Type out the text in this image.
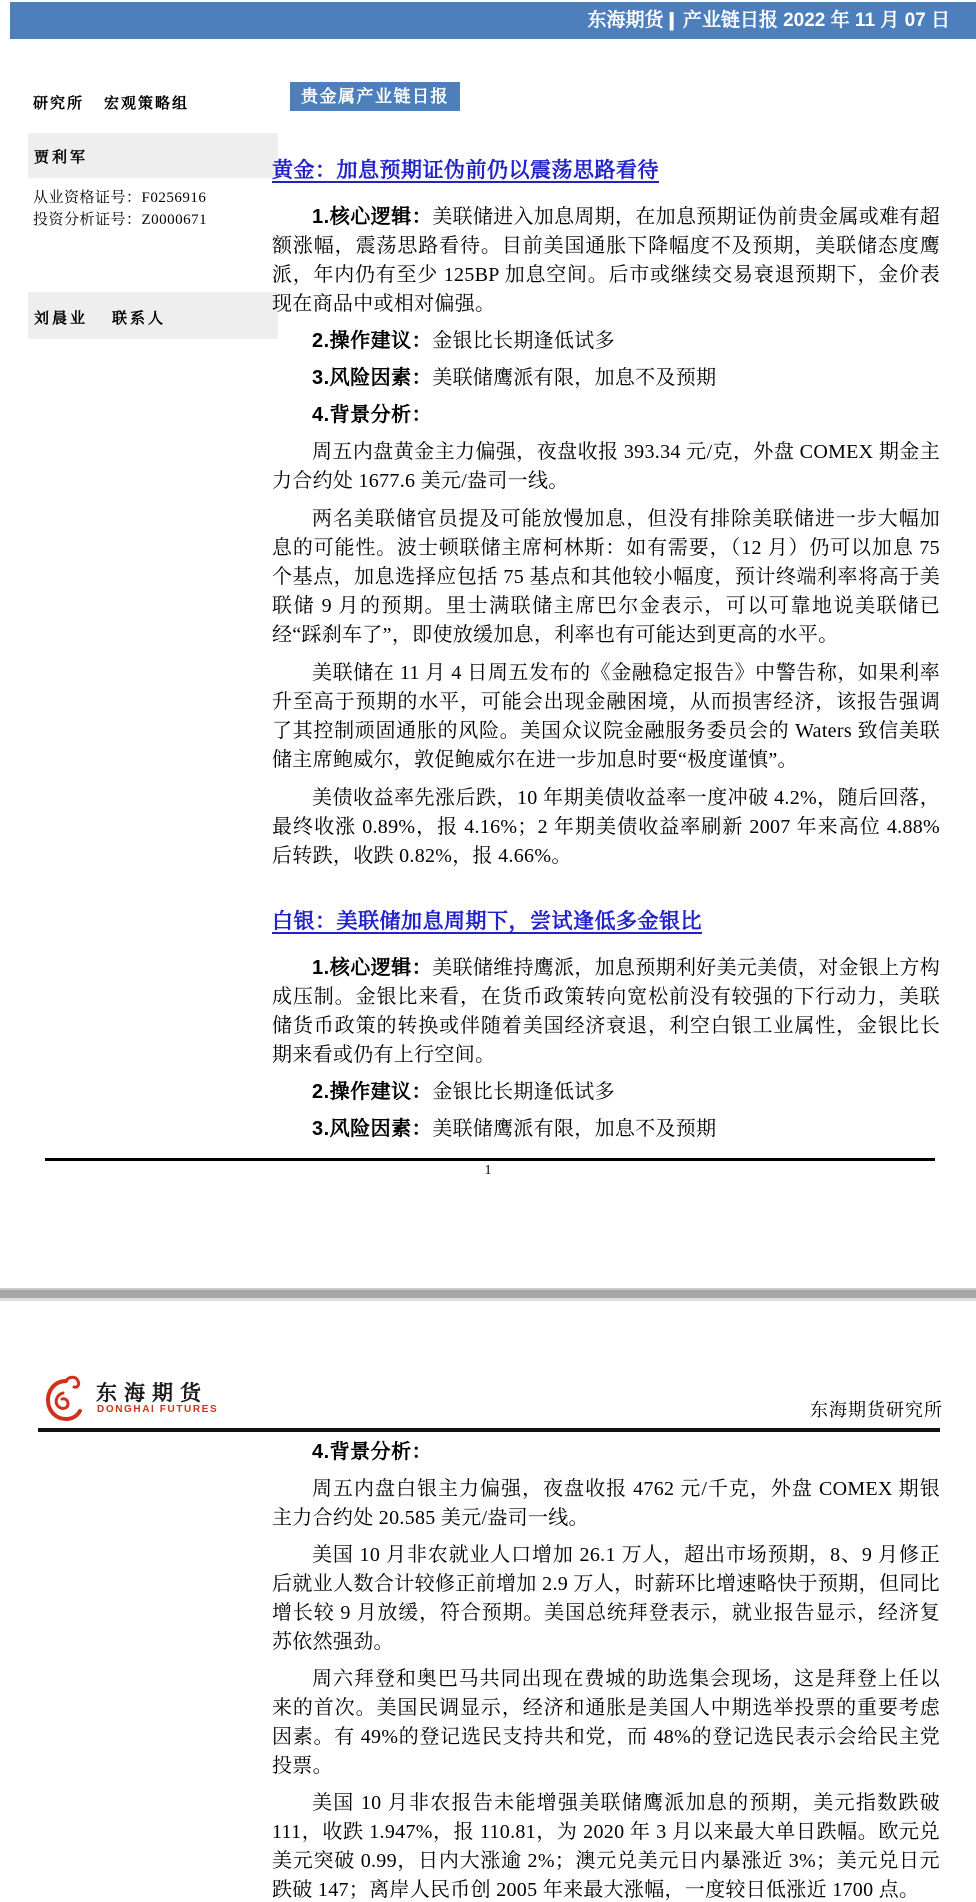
东海期货 | 产业链日报 2022 年 11 月 07 日
研究所 宏观策略组
贾利军
从业资格证号：F0256916
投资分析证号：Z0000671
刘晨业 联系人
贵金属产业链日报
黄金：加息预期证伪前仍以震荡思路看待

1.核心逻辑：美联储进入加息周期，在加息预期证伪前贵金属或难有超额涨幅，震荡思路看待。目前美国通胀下降幅度不及预期，美联储态度鹰派，年内仍有至少 125BP 加息空间。后市或继续交易衰退预期下，金价表现在商品中或相对偏强。

2.操作建议：金银比长期逢低试多

3.风险因素：美联储鹰派有限，加息不及预期

4.背景分析：

周五内盘黄金主力偏强，夜盘收报 393.34 元/克，外盘 COMEX 期金主力合约处 1677.6 美元/盎司一线。

两名美联储官员提及可能放慢加息，但没有排除美联储进一步大幅加息的可能性。波士顿联储主席柯林斯：如有需要，（12 月）仍可以加息 75 个基点，加息选择应包括 75 基点和其他较小幅度，预计终端利率将高于美联储 9 月的预期。里士满联储主席巴尔金表示，可以可靠地说美联储已经“踩刹车了”，即使放缓加息，利率也有可能达到更高的水平。

美联储在 11 月 4 日周五发布的《金融稳定报告》中警告称，如果利率升至高于预期的水平，可能会出现金融困境，从而损害经济，该报告强调了其控制顽固通胀的风险。美国众议院金融服务委员会的 Waters 致信美联储主席鲍威尔，敦促鲍威尔在进一步加息时要“极度谨慎”。

美债收益率先涨后跌，10 年期美债收益率一度冲破 4.2%，随后回落，最终收涨 0.89%，报 4.16%；2 年期美债收益率刷新 2007 年来高位 4.88%后转跌，收跌 0.82%，报 4.66%。

白银：美联储加息周期下，尝试逢低多金银比

1.核心逻辑：美联储维持鹰派，加息预期利好美元美债，对金银上方构成压制。金银比来看，在货币政策转向宽松前没有较强的下行动力，美联储货币政策的转换或伴随着美国经济衰退，利空白银工业属性，金银比长期来看或仍有上行空间。

2.操作建议：金银比长期逢低试多

3.风险因素：美联储鹰派有限，加息不及预期

1
东海期货
DONGHAI FUTURES	东海期货研究所

4.背景分析：

周五内盘白银主力偏强，夜盘收报 4762 元/千克，外盘 COMEX 期银主力合约处 20.585 美元/盎司一线。

美国 10 月非农就业人口增加 26.1 万人，超出市场预期，8、9 月修正后就业人数合计较修正前增加 2.9 万人，时薪环比增速略快于预期，但同比增长较 9 月放缓，符合预期。美国总统拜登表示，就业报告显示，经济复苏依然强劲。

周六拜登和奥巴马共同出现在费城的助选集会现场，这是拜登上任以来的首次。美国民调显示，经济和通胀是美国人中期选举投票的重要考虑因素。有 49%的登记选民支持共和党，而 48%的登记选民表示会给民主党投票。

美国 10 月非农报告未能增强美联储鹰派加息的预期，美元指数跌破 111，收跌 1.947%，报 110.81，为 2020 年 3 月以来最大单日跌幅。欧元兑美元突破 0.99，日内大涨逾 2%；澳元兑美元日内暴涨近 3%；美元兑日元跌破 147；离岸人民币创 2005 年来最大涨幅，一度较日低涨近 1700 点。
